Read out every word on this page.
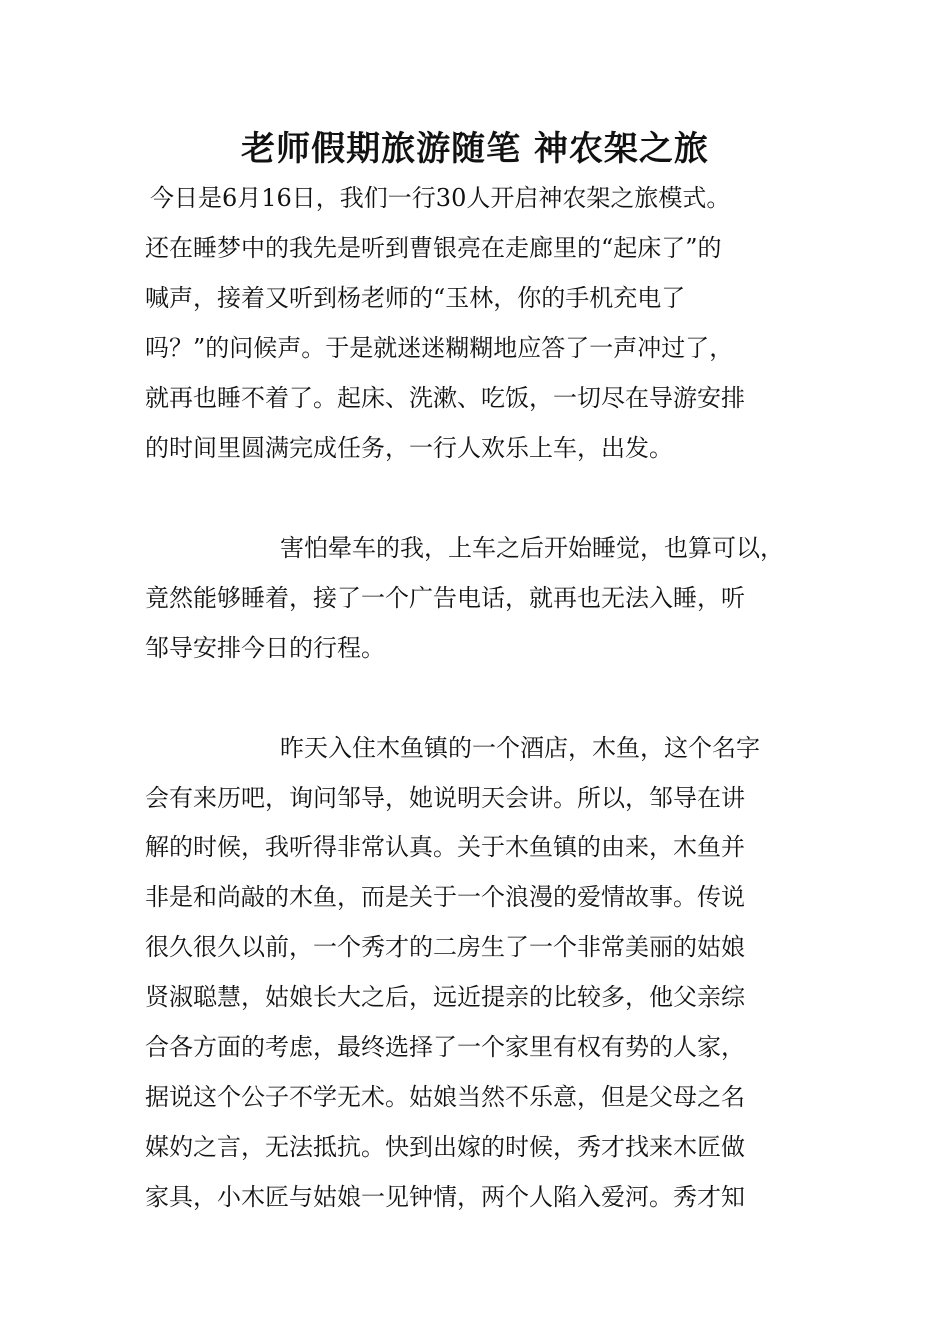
老师假期旅游随笔 神农架之旅

今日是6月16日，我们一行30人开启神农架之旅模式。

还在睡梦中的我先是听到曹银亮在走廊里的“起床了”的

喊声，接着又听到杨老师的“玉林，你的手机充电了

吗？”的问候声。于是就迷迷糊糊地应答了一声冲过了，

就再也睡不着了。起床、洗漱、吃饭，一切尽在导游安排

的时间里圆满完成任务，一行人欢乐上车，出发。

害怕晕车的我，上车之后开始睡觉，也算可以，

竟然能够睡着，接了一个广告电话，就再也无法入睡，听

邹导安排今日的行程。

昨天入住木鱼镇的一个酒店，木鱼，这个名字

会有来历吧，询问邹导，她说明天会讲。所以，邹导在讲

解的时候，我听得非常认真。关于木鱼镇的由来，木鱼并

非是和尚敲的木鱼，而是关于一个浪漫的爱情故事。传说

很久很久以前，一个秀才的二房生了一个非常美丽的姑娘

贤淑聪慧，姑娘长大之后，远近提亲的比较多，他父亲综

合各方面的考虑，最终选择了一个家里有权有势的人家，

据说这个公子不学无术。姑娘当然不乐意，但是父母之名

媒妁之言，无法抵抗。快到出嫁的时候，秀才找来木匠做

家具，小木匠与姑娘一见钟情，两个人陷入爱河。秀才知
